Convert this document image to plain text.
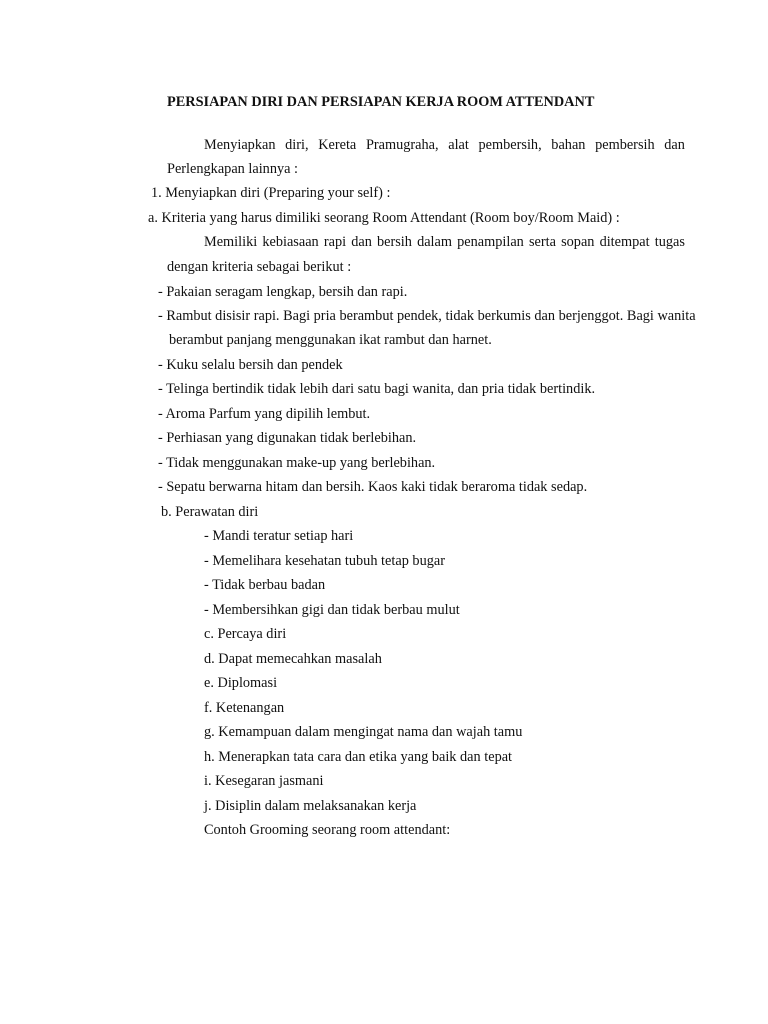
PERSIAPAN DIRI DAN PERSIAPAN KERJA ROOM ATTENDANT
Menyiapkan diri, Kereta Pramugraha, alat pembersih, bahan pembersih dan
Perlengkapan lainnya :
1. Menyiapkan diri (Preparing your self) :
a. Kriteria yang harus dimiliki seorang Room Attendant (Room boy/Room Maid) :
Memiliki kebiasaan rapi dan bersih dalam penampilan serta sopan ditempat tugas
dengan kriteria sebagai berikut :
- Pakaian seragam lengkap, bersih dan rapi.
- Rambut disisir rapi. Bagi pria berambut pendek, tidak berkumis dan berjenggot. Bagi wanita
berambut panjang menggunakan ikat rambut dan harnet.
- Kuku selalu bersih dan pendek
- Telinga bertindik tidak lebih dari satu bagi wanita, dan pria tidak bertindik.
- Aroma Parfum yang dipilih lembut.
- Perhiasan yang digunakan tidak berlebihan.
- Tidak menggunakan make-up yang berlebihan.
- Sepatu berwarna hitam dan bersih. Kaos kaki tidak beraroma tidak sedap.
b. Perawatan diri
- Mandi teratur setiap hari
- Memelihara kesehatan tubuh tetap bugar
- Tidak berbau badan
- Membersihkan gigi dan tidak berbau mulut
c. Percaya diri
d. Dapat memecahkan masalah
e. Diplomasi
f. Ketenangan
g. Kemampuan dalam mengingat nama dan wajah tamu
h. Menerapkan tata cara dan etika yang baik dan tepat
i. Kesegaran jasmani
j. Disiplin dalam melaksanakan kerja
Contoh Grooming seorang room attendant:
